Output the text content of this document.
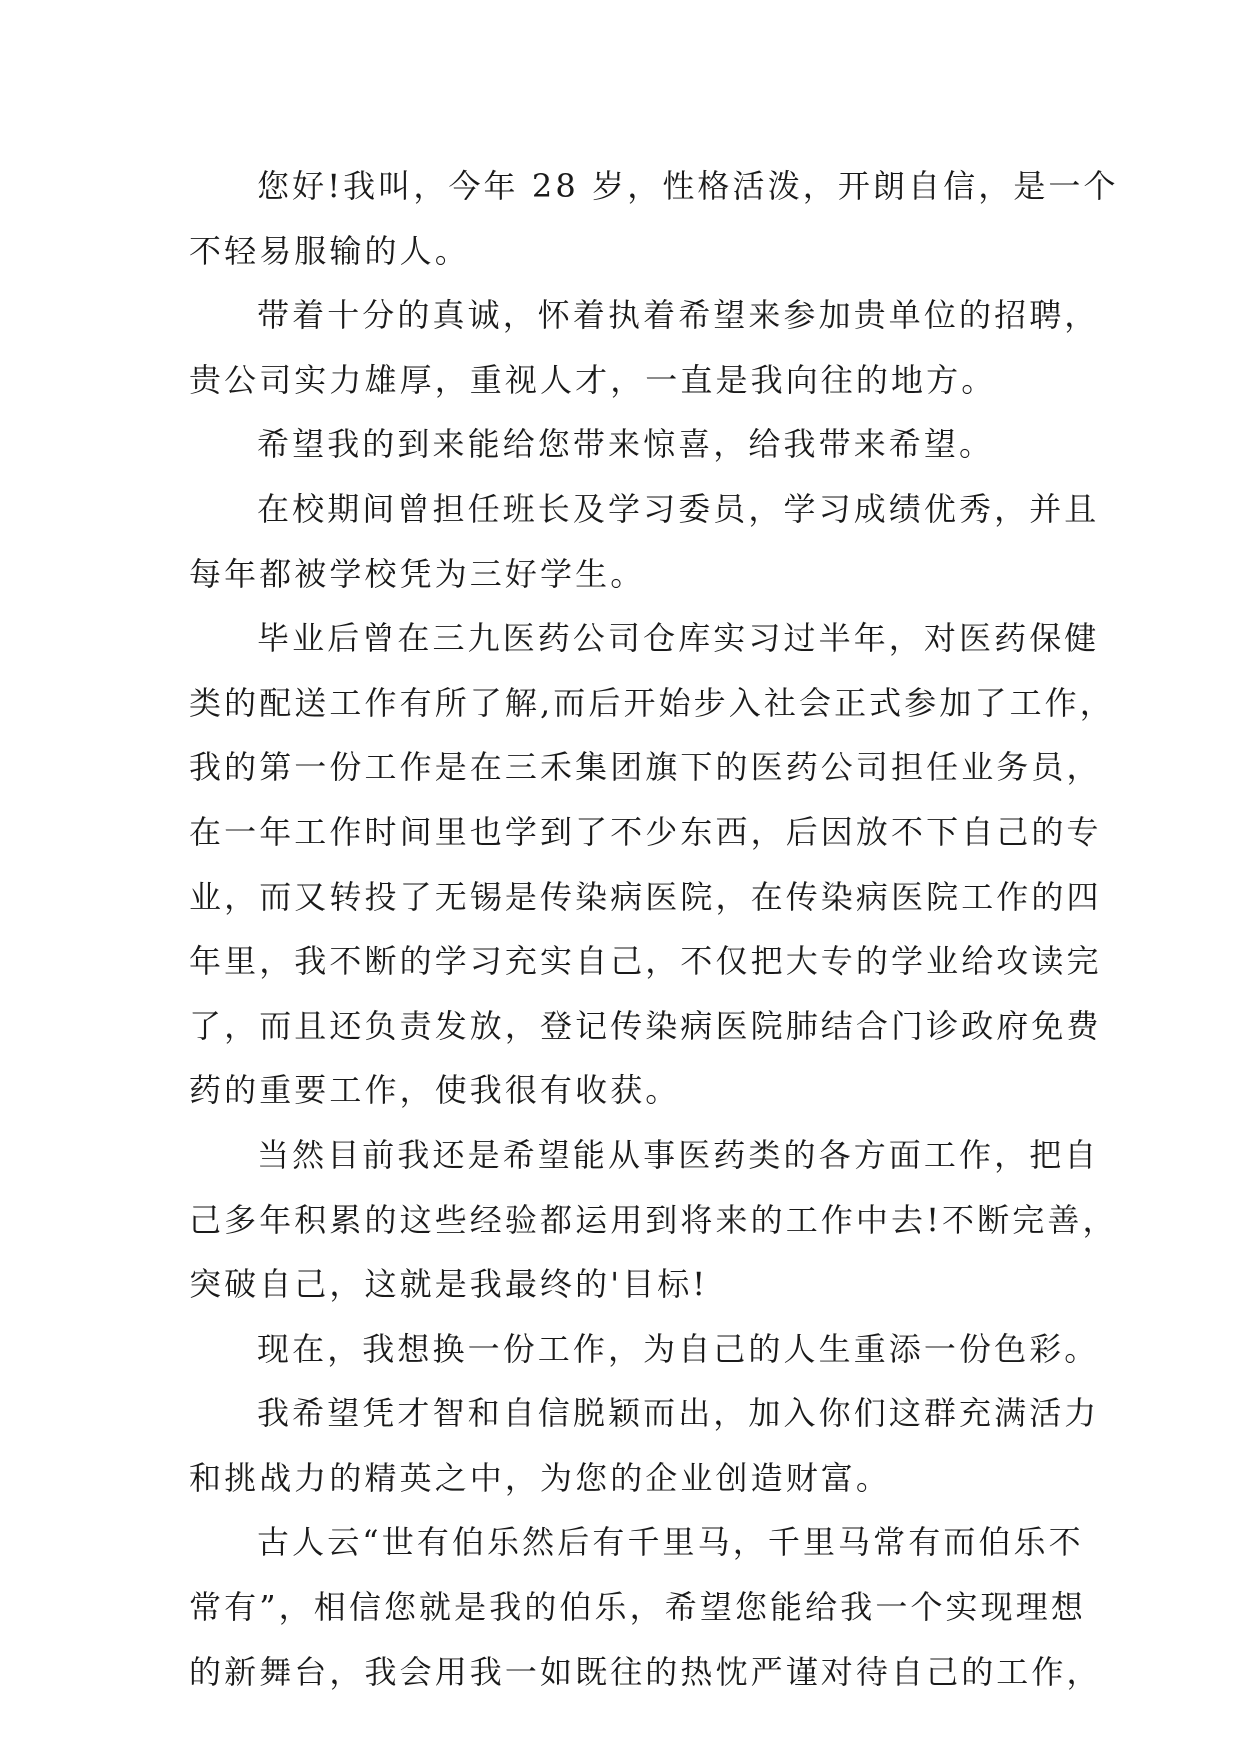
您好!我叫，今年 28 岁，性格活泼，开朗自信，是一个
不轻易服输的人。
带着十分的真诚，怀着执着希望来参加贵单位的招聘，
贵公司实力雄厚，重视人才，一直是我向往的地方。
希望我的到来能给您带来惊喜，给我带来希望。
在校期间曾担任班长及学习委员，学习成绩优秀，并且
每年都被学校凭为三好学生。
毕业后曾在三九医药公司仓库实习过半年，对医药保健
类的配送工作有所了解,而后开始步入社会正式参加了工作，
我的第一份工作是在三禾集团旗下的医药公司担任业务员，
在一年工作时间里也学到了不少东西，后因放不下自己的专
业，而又转投了无锡是传染病医院，在传染病医院工作的四
年里，我不断的学习充实自己，不仅把大专的学业给攻读完
了，而且还负责发放，登记传染病医院肺结合门诊政府免费
药的重要工作，使我很有收获。
当然目前我还是希望能从事医药类的各方面工作，把自
己多年积累的这些经验都运用到将来的工作中去!不断完善，
突破自己，这就是我最终的'目标!
现在，我想换一份工作，为自己的人生重添一份色彩。
我希望凭才智和自信脱颖而出，加入你们这群充满活力
和挑战力的精英之中，为您的企业创造财富。
古人云“世有伯乐然后有千里马，千里马常有而伯乐不
常有”，相信您就是我的伯乐，希望您能给我一个实现理想
的新舞台，我会用我一如既往的热忱严谨对待自己的工作，
